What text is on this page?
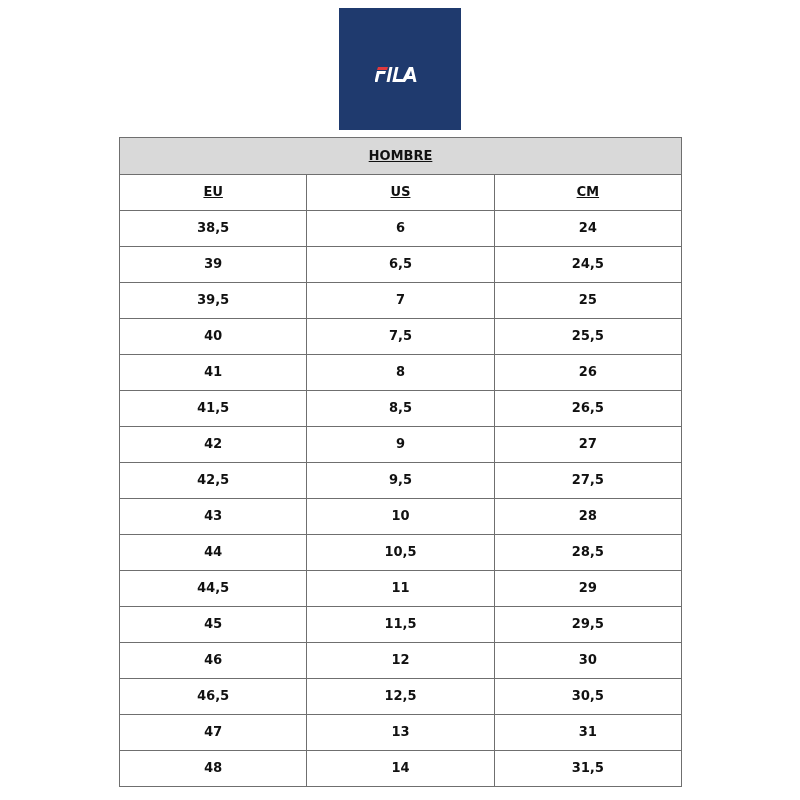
HOMBRE		
EU	US	CM
38,5	6	24
39	6,5	24,5
39,5	7	25
40	7,5	25,5
41	8	26
41,5	8,5	26,5
42	9	27
42,5	9,5	27,5
43	10	28
44	10,5	28,5
44,5	11	29
45	11,5	29,5
46	12	30
46,5	12,5	30,5
47	13	31
48	14	31,5
